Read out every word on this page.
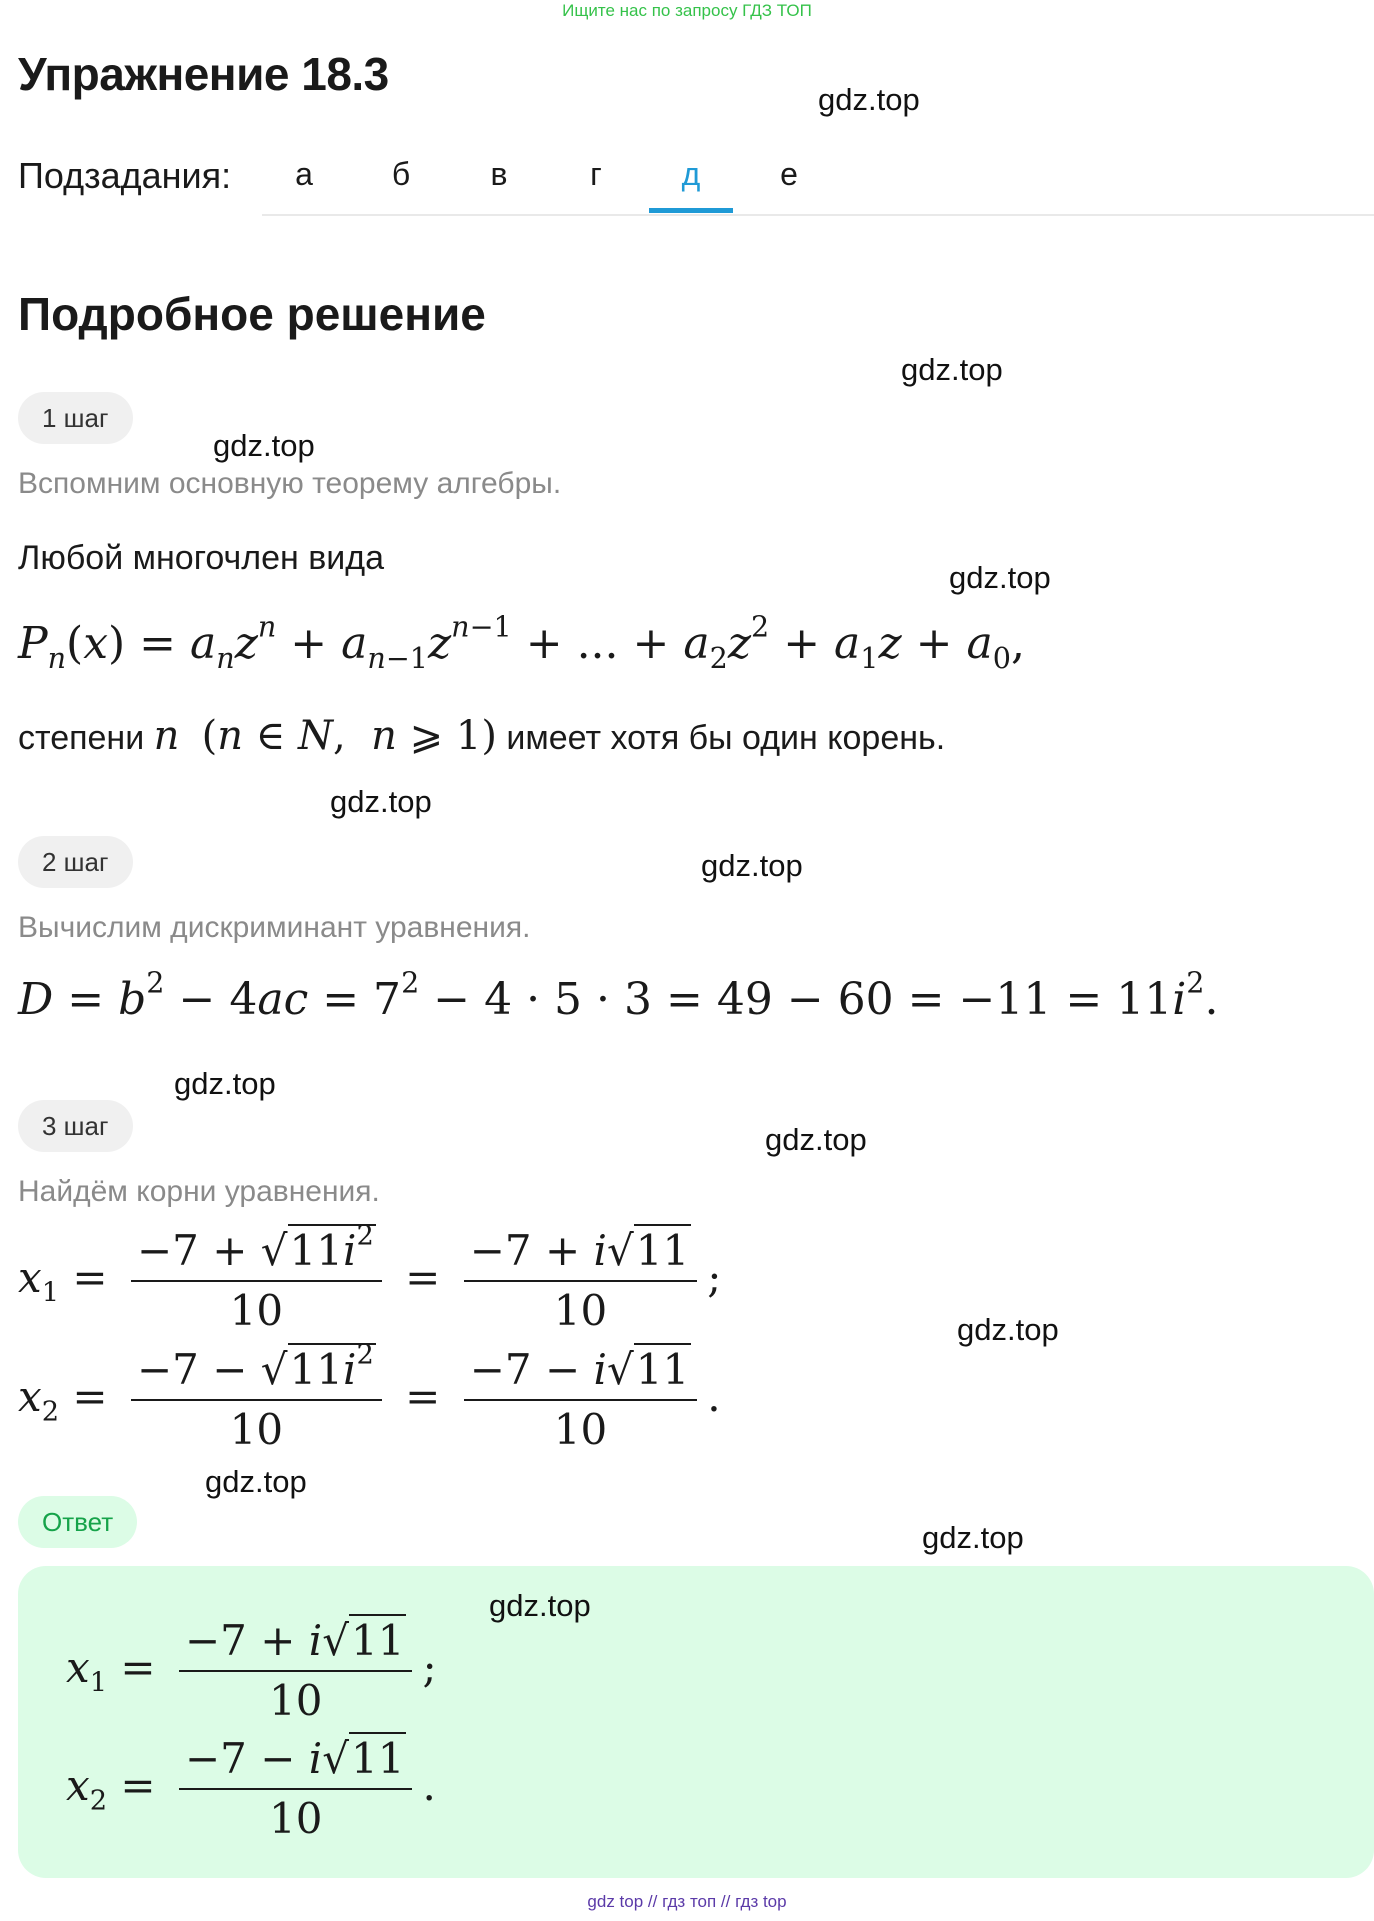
Ищите нас по запросу ГДЗ ТОП
Упражнение 18.3	gdz.top
Подзадания:	а	б	в	г	д	е
Подробное решение
gdz.top
1 шаг
gdz.top
Вспомним основную теорему алгебры.
Любой многочлен вида
gdz.top
$P_n(x) = a_nz^n + a_{n-1}z^{n-1}$ + ... + $a_2z^2 + a_1z + a_0$,
степени n  (n ∈ N,  n ⩾ 1) имеет хотя бы один корень.
gdz.top
2 шаг	gdz.top
Вычислим дискриминант уравнения.
$D = b^2 - 4ac = 7^2 - 4 \cdot 5 \cdot 3 = 49 - 60 = -11 = 11i^2$.
gdz.top
3 шаг	gdz.top
Найдём корни уравнения.
$x_1 = \frac{-7 + √11i^2}{10} = \frac{-7 + i√11}{10}$ ;
gdz.top
$x_2 = \frac{-7 - √11i^2}{10} = \frac{-7 - i√11}{10}$ .
gdz.top
Ответ	gdz.top
gdz.top
$x_1 = \frac{-7 + i√11}{10}$ ;
$x_2 = \frac{-7 - i√11}{10}$ .
gdz top // гдз топ // гдз top
